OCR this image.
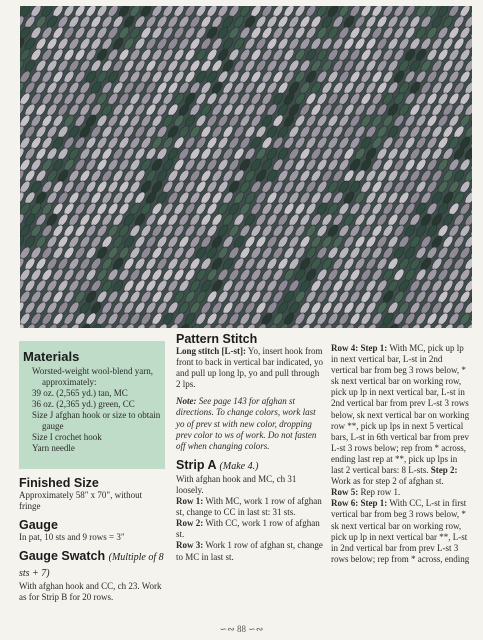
Materials
Worsted-weight wool-blend yarn, approximately:
39 oz. (2,565 yd.) tan, MC
36 oz. (2,365 yd.) green, CC
Size J afghan hook or size to obtain gauge
Size I crochet hook
Yarn needle
Finished Size

Approximately 58" x 70", without fringe

Gauge

In pat, 10 sts and 9 rows = 3"

Gauge Swatch (Multiple of 8 sts + 7)

With afghan hook and CC, ch 23. Work as for Strip B for 20 rows.

Pattern Stitch

Long stitch [L-st]: Yo, insert hook from front to back in vertical bar indicated, yo and pull up long lp, yo and pull through 2 lps.

Note: See page 143 for afghan st directions. To change colors, work last yo of prev st with new color, dropping prev color to ws of work. Do not fasten off when changing colors.

Strip A (Make 4.)

With afghan hook and MC, ch 31 loosely.

Row 1: With MC, work 1 row of afghan st, change to CC in last st: 31 sts.

Row 2: With CC, work 1 row of afghan st.

Row 3: Work 1 row of afghan st, change to MC in last st.

Row 4: Step 1: With MC, pick up lp in next vertical bar, L-st in 2nd vertical bar from beg 3 rows below, * sk next vertical bar on working row, pick up lp in next vertical bar, L-st in 2nd vertical bar from prev L-st 3 rows below, sk next vertical bar on working row **, pick up lps in next 5 vertical bars, L-st in 6th vertical bar from prev L-st 3 rows below; rep from * across, ending last rep at **, pick up lps in last 2 vertical bars: 8 L-sts. Step 2: Work as for step 2 of afghan st.

Row 5: Rep row 1.

Row 6: Step 1: With CC, L-st in first vertical bar from beg 3 rows below, * sk next vertical bar on working row, pick up lp in next vertical bar **, L-st in 2nd vertical bar from prev L-st 3 rows below; rep from * across, ending

∽∾ 88 ∽∾
